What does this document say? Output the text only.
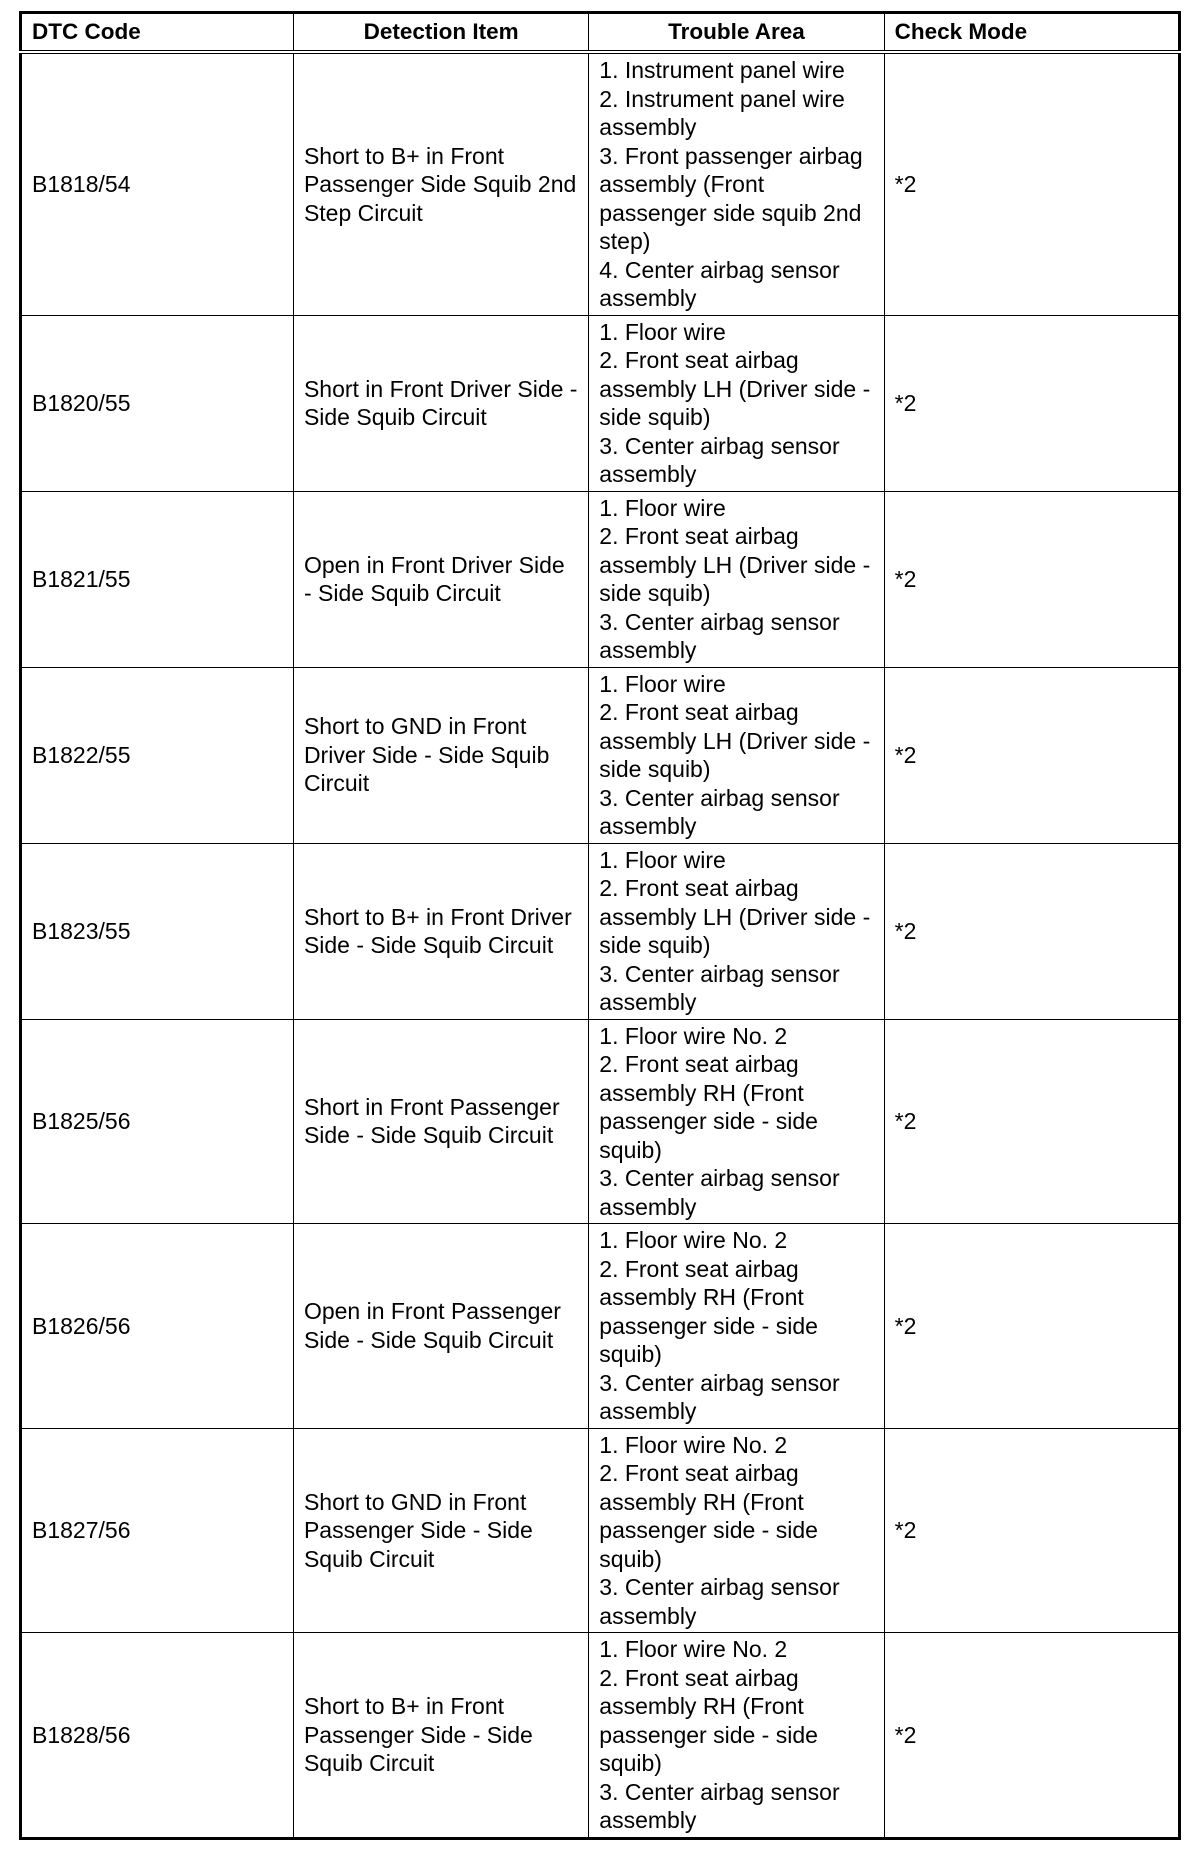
DTC Code	Detection Item	Trouble Area	Check Mode
B1818/54	Short to B+ in Front Passenger Side Squib 2nd Step Circuit	1. Instrument panel wire
2. Instrument panel wire assembly
3. Front passenger airbag assembly (Front passenger side squib 2nd step)
4. Center airbag sensor assembly	*2
B1820/55	Short in Front Driver Side - Side Squib Circuit	1. Floor wire
2. Front seat airbag assembly LH (Driver side - side squib)
3. Center airbag sensor assembly	*2
B1821/55	Open in Front Driver Side - Side Squib Circuit	1. Floor wire
2. Front seat airbag assembly LH (Driver side - side squib)
3. Center airbag sensor assembly	*2
B1822/55	Short to GND in Front Driver Side - Side Squib Circuit	1. Floor wire
2. Front seat airbag assembly LH (Driver side - side squib)
3. Center airbag sensor assembly	*2
B1823/55	Short to B+ in Front Driver Side - Side Squib Circuit	1. Floor wire
2. Front seat airbag assembly LH (Driver side - side squib)
3. Center airbag sensor assembly	*2
B1825/56	Short in Front Passenger Side - Side Squib Circuit	1. Floor wire No. 2
2. Front seat airbag assembly RH (Front passenger side - side squib)
3. Center airbag sensor assembly	*2
B1826/56	Open in Front Passenger Side - Side Squib Circuit	1. Floor wire No. 2
2. Front seat airbag assembly RH (Front passenger side - side squib)
3. Center airbag sensor assembly	*2
B1827/56	Short to GND in Front Passenger Side - Side Squib Circuit	1. Floor wire No. 2
2. Front seat airbag assembly RH (Front passenger side - side squib)
3. Center airbag sensor assembly	*2
B1828/56	Short to B+ in Front Passenger Side - Side Squib Circuit	1. Floor wire No. 2
2. Front seat airbag assembly RH (Front passenger side - side squib)
3. Center airbag sensor assembly	*2
